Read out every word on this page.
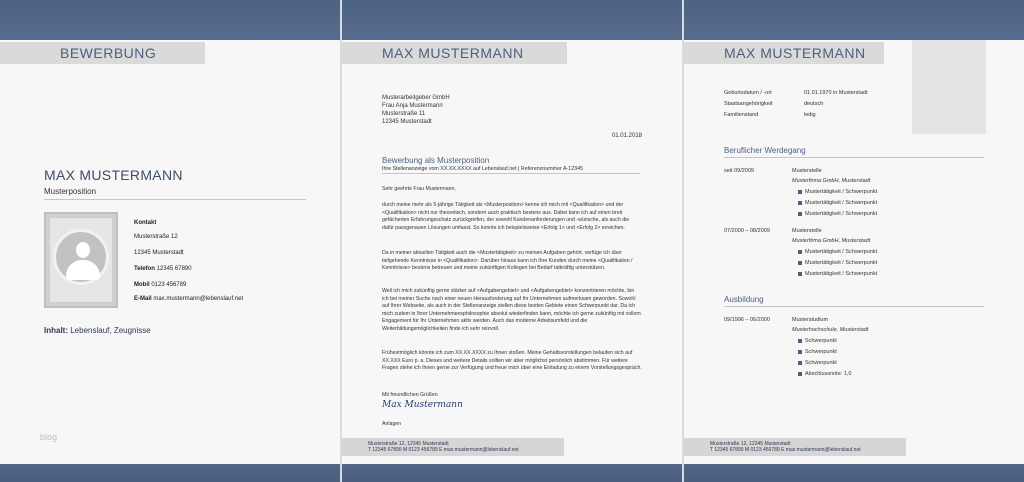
BEWERBUNG
MAX MUSTERMANN
Musterposition
Kontakt
Musterstraße 12
12345 Musterstadt
Telefon 12345 67890
Mobil 0123 456789
E-Mail max.mustermann@lebenslauf.net
Inhalt: Lebenslauf, Zeugnisse
blog
MAX MUSTERMANN
Musterarbeitgeber GmbH
Frau Anja Mustermann
Musterstraße 11
12345 Musterstadt
01.01.2018
Bewerbung als Musterposition
Ihre Stellenanzeige vom XX.XX.XXXX auf Lebenslauf.net | Referenznummer A-12345
Sehr geehrte Frau Mustermann,
durch meine mehr als 5-jährige Tätigkeit als <Musterposition> kenne ich mich mit <Qualifikation> und der <Qualifikation> nicht nur theoretisch, sondern auch praktisch bestens aus. Dabei kann ich auf einen breit gefächerten Erfahrungsschatz zurückgreifen, der sowohl Kundenanforderungen und -wünsche, als auch die dafür passgenauen Lösungen umfasst. So konnte ich beispielsweise <Erfolg 1> und <Erfolg 2> erreichen.
Da in meiner aktuellen Tätigkeit auch die <Mustertätigkeit> zu meinen Aufgaben gehört, verfüge ich über tiefgehende Kenntnisse in <Qualifikation>. Darüber hinaus kann ich Ihre Kunden durch meine <Qualifikation / Kenntnisse> bestens betreuen und meine zukünftigen Kollegen bei Bedarf tatkräftig unterstützen.
Weil ich mich zukünftig gerne stärker auf <Aufgabengebiet> und <Aufgabengebiet> konzentrieren möchte, bin ich bei meiner Suche nach einer neuen Herausforderung auf Ihr Unternehmen aufmerksam geworden. Sowohl auf Ihrer Webseite, als auch in der Stellenanzeige stellen diese beiden Gebiete einen Schwerpunkt dar. Da ich mich zudem in Ihrer Unternehmensphilosophie absolut wiederfinden kann, möchte ich gerne zukünftig mit vollem Engagement für Ihr Unternehmen aktiv werden. Auch das moderne Arbeitsumfeld und die Weiterbildungsmöglichkeiten finde ich sehr reizvoll.
Frühestmöglich könnte ich zum XX.XX.XXXX zu Ihnen stoßen. Meine Gehaltsvorstellungen belaufen sich auf XX.XXX Euro p. a. Dieses und weitere Details sollten wir aber möglichst persönlich abstimmen. Für weitere Fragen stehe ich Ihnen gerne zur Verfügung und freue mich über eine Einladung zu einem Vorstellungsgespräch.
Mit freundlichen Grüßen
Max Mustermann
Anlagen
Musterstraße 12, 12345 Musterstadt
T 12345 67890 M 0123 456789 E max.mustermann@lebenslauf.net
MAX MUSTERMANN
Geburtsdatum / -ort	01.01.1970 in Musterstadt
Staatsangehörigkeit	deutsch
Familienstand	ledig
Beruflicher Werdegang
seit 09/2009	Musterstelle
Musterfirma GmbH, Musterstadt
Mustertätigkeit / Schwerpunkt
Mustertätigkeit / Schwerpunkt
Mustertätigkeit / Schwerpunkt
07/2000 – 08/2009	Musterstelle
Musterfirma GmbH, Musterstadt
Mustertätigkeit / Schwerpunkt
Mustertätigkeit / Schwerpunkt
Mustertätigkeit / Schwerpunkt
Ausbildung
09/1996 – 06/2000	Musterstudium
Musterhochschule, Musterstadt
Schwerpunkt
Schwerpunkt
Schwerpunkt
Abschlussnote: 1,0
Musterstraße 12, 12345 Musterstadt
T 12345 67890 M 0123 456789 E max.mustermann@lebenslauf.net
